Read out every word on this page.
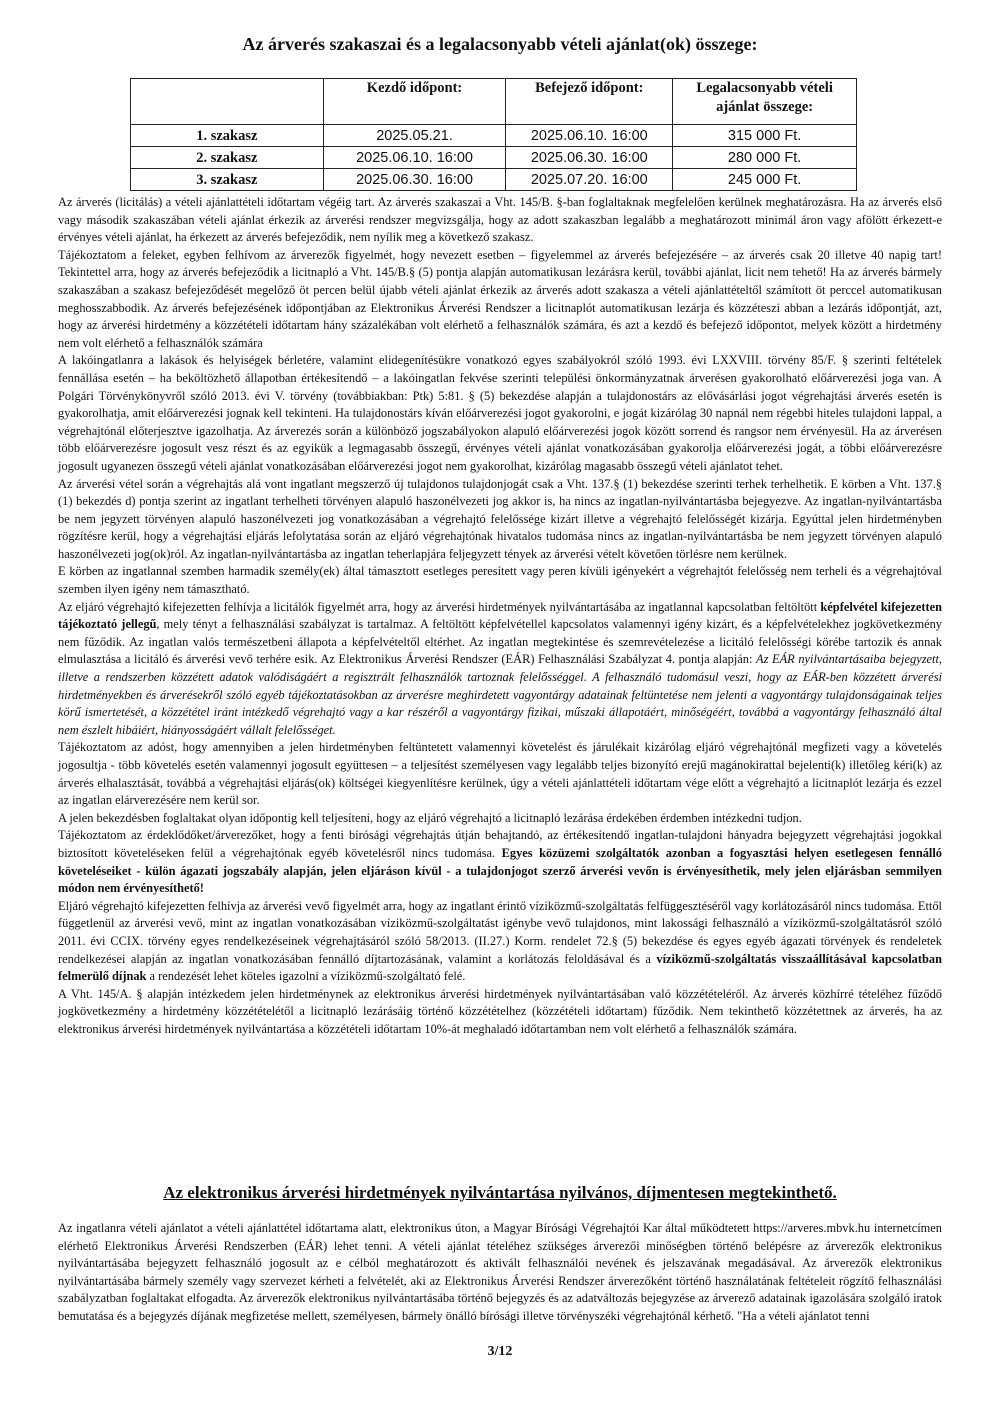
Az árverés szakaszai és a legalacsonyabb vételi ajánlat(ok) összege:
	Kezdő időpont:	Befejező időpont:	Legalacsonyabb vételi ajánlat összege:
1. szakasz	2025.05.21.	2025.06.10. 16:00	315 000 Ft.
2. szakasz	2025.06.10. 16:00	2025.06.30. 16:00	280 000 Ft.
3. szakasz	2025.06.30. 16:00	2025.07.20. 16:00	245 000 Ft.

Az árverés (licitálás) a vételi ajánlattételi időtartam végéig tart. Az árverés szakaszai a Vht. 145/B. §-ban foglaltaknak megfelelően kerülnek meghatározásra. Ha az árverés első vagy második szakaszában vételi ajánlat érkezik az árverési rendszer megvizsgálja, hogy az adott szakaszban legalább a meghatározott minimál áron vagy afölött érkezett-e érvényes vételi ajánlat, ha érkezett az árverés befejeződik, nem nyílik meg a következő szakasz.

Tájékoztatom a feleket, egyben felhívom az árverezők figyelmét, hogy nevezett esetben – figyelemmel az árverés befejezésére – az árverés csak 20 illetve 40 napig tart! Tekintettel arra, hogy az árverés befejeződik a licitnapló a Vht. 145/B.§ (5) pontja alapján automatikusan lezárásra kerül, további ajánlat, licit nem tehető! Ha az árverés bármely szakaszában a szakasz befejeződését megelőző öt percen belül újabb vételi ajánlat érkezik az árverés adott szakasza a vételi ajánlattételtől számított öt perccel automatikusan meghosszabbodik. Az árverés befejezésének időpontjában az Elektronikus Árverési Rendszer a licitnaplót automatikusan lezárja és közzéteszi abban a lezárás időpontját, azt, hogy az árverési hirdetmény a közzétételi időtartam hány százalékában volt elérhető a felhasználók számára, és azt a kezdő és befejező időpontot, melyek között a hirdetmény nem volt elérhető a felhasználók számára

A lakóingatlanra a lakások és helyiségek bérletére, valamint elidegenítésükre vonatkozó egyes szabályokról szóló 1993. évi LXXVIII. törvény 85/F. § szerinti feltételek fennállása esetén – ha beköltözhető állapotban értékesítendő – a lakóingatlan fekvése szerinti települési önkormányzatnak árverésen gyakorolható előárverezési joga van. A Polgári Törvénykönyvről szóló 2013. évi V. törvény (továbbiakban: Ptk) 5:81. § (5) bekezdése alapján a tulajdonostárs az elővásárlási jogot végrehajtási árverés esetén is gyakorolhatja, amit előárverezési jognak kell tekinteni. Ha tulajdonostárs kíván előárverezési jogot gyakorolni, e jogát kizárólag 30 napnál nem régebbi hiteles tulajdoni lappal, a végrehajtónál előterjesztve igazolhatja. Az árverezés során a különböző jogszabályokon alapuló előárverezési jogok között sorrend és rangsor nem érvényesül. Ha az árverésen több előárverezésre jogosult vesz részt és az egyikük a legmagasabb összegű, érvényes vételi ajánlat vonatkozásában gyakorolja előárverezési jogát, a többi előárverezésre jogosult ugyanezen összegű vételi ajánlat vonatkozásában előárverezési jogot nem gyakorolhat, kizárólag magasabb összegű vételi ajánlatot tehet.

Az árverési vétel során a végrehajtás alá vont ingatlant megszerző új tulajdonos tulajdonjogát csak a Vht. 137.§ (1) bekezdése szerinti terhek terhelhetik. E körben a Vht. 137.§ (1) bekezdés d) pontja szerint az ingatlant terhelheti törvényen alapuló haszonélvezeti jog akkor is, ha nincs az ingatlan-nyilvántartásba bejegyezve. Az ingatlan-nyilvántartásba be nem jegyzett törvényen alapuló haszonélvezeti jog vonatkozásában a végrehajtó felelőssége kizárt illetve a végrehajtó felelősségét kizárja. Egyúttal jelen hirdetményben rögzítésre kerül, hogy a végrehajtási eljárás lefolytatása során az eljáró végrehajtónak hivatalos tudomása nincs az ingatlan-nyilvántartásba be nem jegyzett törvényen alapuló haszonélvezeti jog(ok)ról. Az ingatlan-nyilvántartásba az ingatlan teherlapjára feljegyzett tények az árverési vételt követően törlésre nem kerülnek.

E körben az ingatlannal szemben harmadik személy(ek) által támasztott esetleges peresített vagy peren kívüli igényekért a végrehajtót felelősség nem terheli és a végrehajtóval szemben ilyen igény nem támasztható.

Az eljáró végrehajtó kifejezetten felhívja a licitálók figyelmét arra, hogy az árverési hirdetmények nyilvántartásába az ingatlannal kapcsolatban feltöltött képfelvétel kifejezetten tájékoztató jellegű, mely tényt a felhasználási szabályzat is tartalmaz. A feltöltött képfelvétellel kapcsolatos valamennyi igény kizárt, és a képfelvételekhez jogkövetkezmény nem fűződik. Az ingatlan valós természetbeni állapota a képfelvételtől eltérhet. Az ingatlan megtekintése és szemrevételezése a licitáló felelősségi körébe tartozik és annak elmulasztása a licitáló és árverési vevő terhére esik. Az Elektronikus Árverési Rendszer (EÁR) Felhasználási Szabályzat 4. pontja alapján: Az EÁR nyilvántartásaiba bejegyzett, illetve a rendszerben közzétett adatok valódiságáért a regisztrált felhasználók tartoznak felelősséggel. A felhasználó tudomásul veszi, hogy az EÁR-ben közzétett árverési hirdetményekben és árverésekről szóló egyéb tájékoztatásokban az árverésre meghirdetett vagyontárgy adatainak feltüntetése nem jelenti a vagyontárgy tulajdonságainak teljes körű ismertetését, a közzététel iránt intézkedő végrehajtó vagy a kar részéről a vagyontárgy fizikai, műszaki állapotáért, minőségéért, továbbá a vagyontárgy felhasználó által nem észlelt hibáiért, hiányosságáért vállalt felelősséget.

Tájékoztatom az adóst, hogy amennyiben a jelen hirdetményben feltüntetett valamennyi követelést és járulékait kizárólag eljáró végrehajtónál megfizeti vagy a követelés jogosultja - több követelés esetén valamennyi jogosult együttesen – a teljesítést személyesen vagy legalább teljes bizonyító erejű magánokirattal bejelenti(k) illetőleg kéri(k) az árverés elhalasztását, továbbá a végrehajtási eljárás(ok) költségei kiegyenlítésre kerülnek, úgy a vételi ajánlattételi időtartam vége előtt a végrehajtó a licitnaplót lezárja és ezzel az ingatlan elárverezésére nem kerül sor.

A jelen bekezdésben foglaltakat olyan időpontig kell teljesíteni, hogy az eljáró végrehajtó a licitnapló lezárása érdekében érdemben intézkedni tudjon.

Tájékoztatom az érdeklődőket/árverezőket, hogy a fenti bírósági végrehajtás útján behajtandó, az értékesítendő ingatlan-tulajdoni hányadra bejegyzett végrehajtási jogokkal biztosított követeléseken felül a végrehajtónak egyéb követelésről nincs tudomása. Egyes közüzemi szolgáltatók azonban a fogyasztási helyen esetlegesen fennálló követeléseiket - külön ágazati jogszabály alapján, jelen eljáráson kívül - a tulajdonjogot szerző árverési vevőn is érvényesíthetik, mely jelen eljárásban semmilyen módon nem érvényesíthető!

Eljáró végrehajtó kifejezetten felhívja az árverési vevő figyelmét arra, hogy az ingatlant érintő víziközmű-szolgáltatás felfüggesztéséről vagy korlátozásáról nincs tudomása. Ettől függetlenül az árverési vevő, mint az ingatlan vonatkozásában víziközmű-szolgáltatást igénybe vevő tulajdonos, mint lakossági felhasználó a víziközmű-szolgáltatásról szóló 2011. évi CCIX. törvény egyes rendelkezéseinek végrehajtásáról szóló 58/2013. (II.27.) Korm. rendelet 72.§ (5) bekezdése és egyes egyéb ágazati törvények és rendeletek rendelkezései alapján az ingatlan vonatkozásában fennálló díjtartozásának, valamint a korlátozás feloldásával és a víziközmű-szolgáltatás visszaállításával kapcsolatban felmerülő díjnak a rendezését lehet köteles igazolni a víziközmű-szolgáltató felé.

A Vht. 145/A. § alapján intézkedem jelen hirdetménynek az elektronikus árverési hirdetmények nyilvántartásában való közzétételéről. Az árverés közhírré tételéhez fűződő jogkövetkezmény a hirdetmény közzétételétől a licitnapló lezárásáig történő közzétételhez (közzétételi időtartam) fűződik. Nem tekinthető közzétettnek az árverés, ha az elektronikus árverési hirdetmények nyilvántartása a közzétételi időtartam 10%-át meghaladó időtartamban nem volt elérhető a felhasználók számára.

Az elektronikus árverési hirdetmények nyilvántartása nyilvános, díjmentesen megtekinthető.

Az ingatlanra vételi ajánlatot a vételi ajánlattétel időtartama alatt, elektronikus úton, a Magyar Bírósági Végrehajtói Kar által működtetett https://arveres.mbvk.hu internetcímen elérhető Elektronikus Árverési Rendszerben (EÁR) lehet tenni. A vételi ajánlat tételéhez szükséges árverezői minőségben történő belépésre az árverezők elektronikus nyilvántartásába bejegyzett felhasználó jogosult az e célból meghatározott és aktivált felhasználói nevének és jelszavának megadásával. Az árverezők elektronikus nyilvántartásába bármely személy vagy szervezet kérheti a felvételét, aki az Elektronikus Árverési Rendszer árverezőként történő használatának feltételeit rögzítő felhasználási szabályzatban foglaltakat elfogadta. Az árverezők elektronikus nyilvántartásába történő bejegyzés és az adatváltozás bejegyzése az árverező adatainak igazolására szolgáló iratok bemutatása és a bejegyzés díjának megfizetése mellett, személyesen, bármely önálló bírósági illetve törvényszéki végrehajtónál kérhető. "Ha a vételi ajánlatot tenni

3/12
